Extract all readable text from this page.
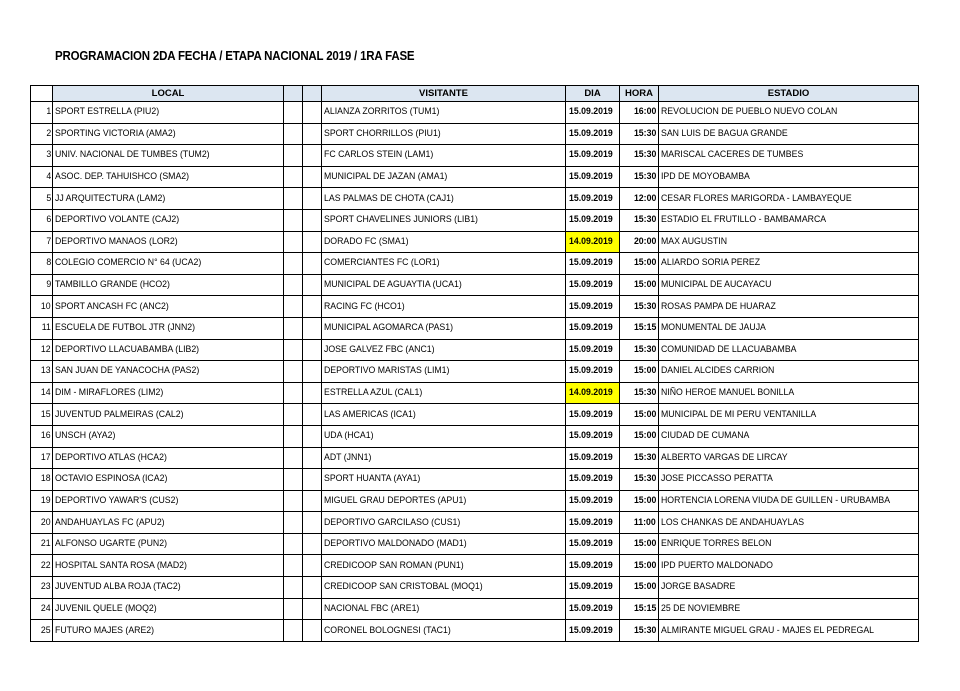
PROGRAMACION 2DA FECHA / ETAPA NACIONAL 2019 / 1RA FASE
	LOCAL			VISITANTE	DIA	HORA	ESTADIO
1	SPORT ESTRELLA (PIU2)			ALIANZA ZORRITOS (TUM1)	15.09.2019	16:00	REVOLUCION DE PUEBLO NUEVO COLAN
2	SPORTING VICTORIA (AMA2)			SPORT CHORRILLOS (PIU1)	15.09.2019	15:30	SAN LUIS DE BAGUA GRANDE
3	UNIV. NACIONAL DE TUMBES (TUM2)			FC CARLOS STEIN (LAM1)	15.09.2019	15:30	MARISCAL CACERES DE TUMBES
4	ASOC. DEP. TAHUISHCO (SMA2)			MUNICIPAL DE JAZAN (AMA1)	15.09.2019	15:30	IPD DE MOYOBAMBA
5	JJ ARQUITECTURA (LAM2)			LAS PALMAS DE CHOTA (CAJ1)	15.09.2019	12:00	CESAR FLORES MARIGORDA - LAMBAYEQUE
6	DEPORTIVO VOLANTE (CAJ2)			SPORT CHAVELINES JUNIORS (LIB1)	15.09.2019	15:30	ESTADIO EL FRUTILLO - BAMBAMARCA
7	DEPORTIVO MANAOS (LOR2)			DORADO FC (SMA1)	14.09.2019	20:00	MAX AUGUSTIN
8	COLEGIO COMERCIO N° 64 (UCA2)			COMERCIANTES FC (LOR1)	15.09.2019	15:00	ALIARDO SORIA PEREZ
9	TAMBILLO GRANDE (HCO2)			MUNICIPAL DE AGUAYTIA (UCA1)	15.09.2019	15:00	MUNICIPAL DE AUCAYACU
10	SPORT ANCASH FC (ANC2)			RACING FC (HCO1)	15.09.2019	15:30	ROSAS PAMPA DE HUARAZ
11	ESCUELA DE FUTBOL JTR (JNN2)			MUNICIPAL AGOMARCA (PAS1)	15.09.2019	15:15	MONUMENTAL DE JAUJA
12	DEPORTIVO LLACUABAMBA (LIB2)			JOSE GALVEZ FBC (ANC1)	15.09.2019	15:30	COMUNIDAD DE LLACUABAMBA
13	SAN JUAN DE YANACOCHA (PAS2)			DEPORTIVO MARISTAS (LIM1)	15.09.2019	15:00	DANIEL ALCIDES CARRION
14	DIM - MIRAFLORES (LIM2)			ESTRELLA AZUL (CAL1)	14.09.2019	15:30	NIÑO HEROE MANUEL BONILLA
15	JUVENTUD PALMEIRAS (CAL2)			LAS AMERICAS (ICA1)	15.09.2019	15:00	MUNICIPAL DE MI PERU VENTANILLA
16	UNSCH (AYA2)			UDA (HCA1)	15.09.2019	15:00	CIUDAD DE CUMANA
17	DEPORTIVO ATLAS (HCA2)			ADT (JNN1)	15.09.2019	15:30	ALBERTO VARGAS DE LIRCAY
18	OCTAVIO ESPINOSA (ICA2)			SPORT HUANTA (AYA1)	15.09.2019	15:30	JOSE PICCASSO PERATTA
19	DEPORTIVO YAWAR'S (CUS2)			MIGUEL GRAU DEPORTES (APU1)	15.09.2019	15:00	HORTENCIA LORENA VIUDA DE GUILLEN - URUBAMBA
20	ANDAHUAYLAS FC (APU2)			DEPORTIVO GARCILASO (CUS1)	15.09.2019	11:00	LOS CHANKAS DE ANDAHUAYLAS
21	ALFONSO UGARTE (PUN2)			DEPORTIVO MALDONADO (MAD1)	15.09.2019	15:00	ENRIQUE TORRES BELON
22	HOSPITAL SANTA ROSA (MAD2)			CREDICOOP SAN ROMAN (PUN1)	15.09.2019	15:00	IPD PUERTO MALDONADO
23	JUVENTUD ALBA ROJA (TAC2)			CREDICOOP SAN CRISTOBAL (MOQ1)	15.09.2019	15:00	JORGE BASADRE
24	JUVENIL QUELE (MOQ2)			NACIONAL FBC (ARE1)	15.09.2019	15:15	25 DE NOVIEMBRE
25	FUTURO MAJES (ARE2)			CORONEL BOLOGNESI (TAC1)	15.09.2019	15:30	ALMIRANTE MIGUEL GRAU - MAJES EL PEDREGAL
